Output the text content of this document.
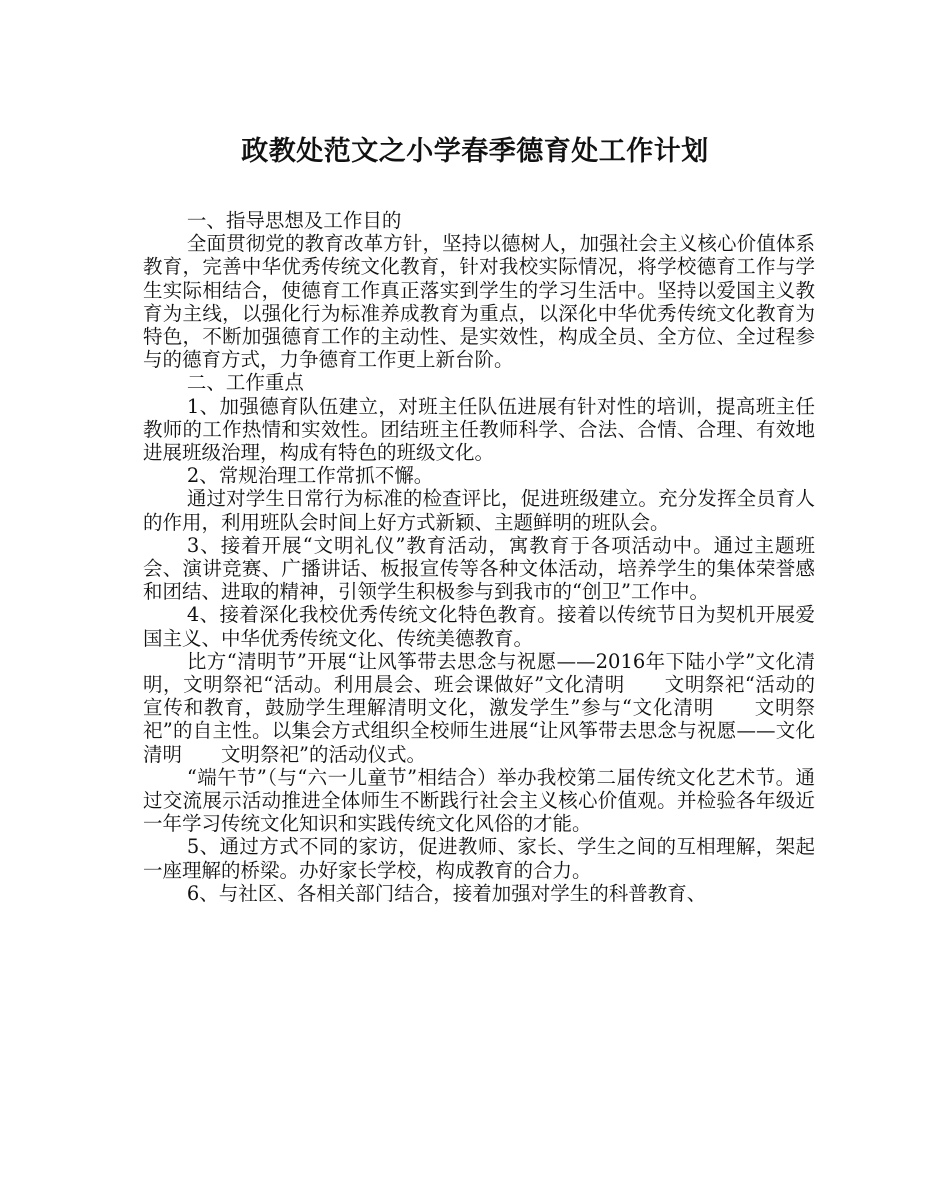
政教处范文之小学春季德育处工作计划

一、指导思想及工作目的

全面贯彻党的教育改革方针，坚持以德树人，加强社会主义核心价值体系教育，完善中华优秀传统文化教育，针对我校实际情况，将学校德育工作与学生实际相结合，使德育工作真正落实到学生的学习生活中。坚持以爱国主义教育为主线，以强化行为标准养成教育为重点，以深化中华优秀传统文化教育为特色，不断加强德育工作的主动性、是实效性，构成全员、全方位、全过程参与的德育方式，力争德育工作更上新台阶。

二、工作重点

1、加强德育队伍建立，对班主任队伍进展有针对性的培训，提高班主任教师的工作热情和实效性。团结班主任教师科学、合法、合情、合理、有效地进展班级治理，构成有特色的班级文化。

2、常规治理工作常抓不懈。

通过对学生日常行为标准的检查评比，促进班级建立。充分发挥全员育人的作用，利用班队会时间上好方式新颖、主题鲜明的班队会。

3、接着开展“文明礼仪”教育活动，寓教育于各项活动中。通过主题班会、演讲竞赛、广播讲话、板报宣传等各种文体活动，培养学生的集体荣誉感和团结、进取的精神，引领学生积极参与到我市的“创卫”工作中。

4、接着深化我校优秀传统文化特色教育。接着以传统节日为契机开展爱国主义、中华优秀传统文化、传统美德教育。

比方“清明节”开展“让风筝带去思念与祝愿——2016年下陆小学”文化清明，文明祭祀“活动。利用晨会、班会课做好”文化清明　　文明祭祀“活动的宣传和教育，鼓励学生理解清明文化，激发学生”参与“文化清明　　文明祭祀”的自主性。以集会方式组织全校师生进展“让风筝带去思念与祝愿——文化清明　　文明祭祀”的活动仪式。

“端午节”（与“六一儿童节”相结合）举办我校第二届传统文化艺术节。通过交流展示活动推进全体师生不断践行社会主义核心价值观。并检验各年级近一年学习传统文化知识和实践传统文化风俗的才能。

5、通过方式不同的家访，促进教师、家长、学生之间的互相理解，架起一座理解的桥梁。办好家长学校，构成教育的合力。

6、与社区、各相关部门结合，接着加强对学生的科普教育、
